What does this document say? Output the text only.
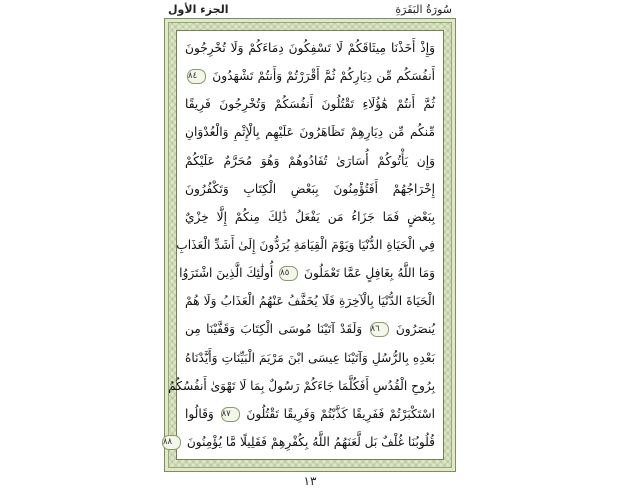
سُورَةُ البَقَرَةِ
الجزء الأول
وَإِذْ أَخَذْنَا مِيثَاقَكُمْ لَا تَسْفِكُونَ دِمَاءَكُمْ وَلَا تُخْرِجُونَ
أَنفُسَكُم مِّن دِيَارِكُمْ ثُمَّ أَقْرَرْتُمْ وَأَنتُمْ تَشْهَدُونَ ٨٤
ثُمَّ أَنتُمْ هَٰؤُلَاءِ تَقْتُلُونَ أَنفُسَكُمْ وَتُخْرِجُونَ فَرِيقًا
مِّنكُم مِّن دِيَارِهِمْ تَظَاهَرُونَ عَلَيْهِم بِالْإِثْمِ وَالْعُدْوَانِ
وَإِن يَأْتُوكُمْ أُسَارَىٰ تُفَادُوهُمْ وَهُوَ مُحَرَّمٌ عَلَيْكُمْ
إِخْرَاجُهُمْ أَفَتُؤْمِنُونَ بِبَعْضِ الْكِتَابِ وَتَكْفُرُونَ
بِبَعْضٍ فَمَا جَزَاءُ مَن يَفْعَلُ ذَٰلِكَ مِنكُمْ إِلَّا خِزْيٌ
فِي الْحَيَاةِ الدُّنْيَا وَيَوْمَ الْقِيَامَةِ يُرَدُّونَ إِلَىٰ أَشَدِّ الْعَذَابِ
وَمَا اللَّهُ بِغَافِلٍ عَمَّا تَعْمَلُونَ ٨٥ أُولَٰئِكَ الَّذِينَ اشْتَرَوُا
الْحَيَاةَ الدُّنْيَا بِالْآخِرَةِ فَلَا يُخَفَّفُ عَنْهُمُ الْعَذَابُ وَلَا هُمْ
يُنصَرُونَ ٨٦ وَلَقَدْ آتَيْنَا مُوسَى الْكِتَابَ وَقَفَّيْنَا مِن
بَعْدِهِ بِالرُّسُلِ وَآتَيْنَا عِيسَى ابْنَ مَرْيَمَ الْبَيِّنَاتِ وَأَيَّدْنَاهُ
بِرُوحِ الْقُدُسِ أَفَكُلَّمَا جَاءَكُمْ رَسُولٌ بِمَا لَا تَهْوَىٰ أَنفُسُكُمُ
اسْتَكْبَرْتُمْ فَفَرِيقًا كَذَّبْتُمْ وَفَرِيقًا تَقْتُلُونَ ٨٧ وَقَالُوا
قُلُوبُنَا غُلْفٌ بَل لَّعَنَهُمُ اللَّهُ بِكُفْرِهِمْ فَقَلِيلًا مَّا يُؤْمِنُونَ ٨٨
١٣
